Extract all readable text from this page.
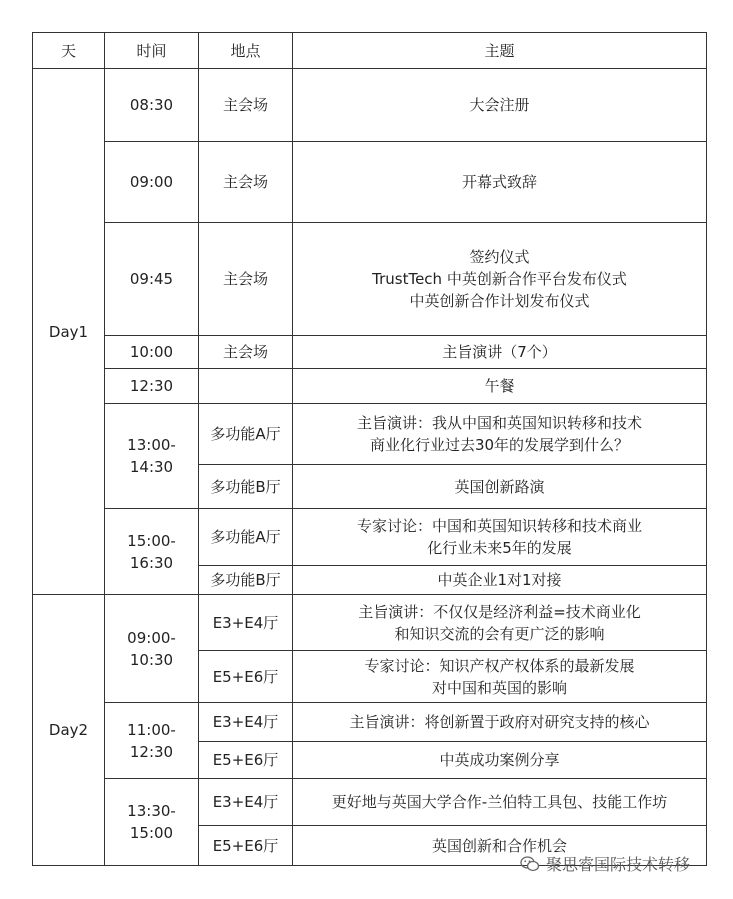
天	时间	地点	主题
Day1	08:30	主会场	大会注册
	09:00	主会场	开幕式致辞
	09:45	主会场	签约仪式
TrustTech 中英创新合作平台发布仪式
中英创新合作计划发布仪式
	10:00	主会场	主旨演讲（7个）
	12:30		午餐
	13:00-14:30	多功能A厅	主旨演讲：我从中国和英国知识转移和技术
商业化行业过去30年的发展学到什么？
		多功能B厅	英国创新路演
	15:00-16:30	多功能A厅	专家讨论：中国和英国知识转移和技术商业
化行业未来5年的发展
		多功能B厅	中英企业1对1对接
Day2	09:00-10:30	E3+E4厅	主旨演讲：不仅仅是经济利益=技术商业化
和知识交流的会有更广泛的影响
		E5+E6厅	专家讨论：知识产权产权体系的最新发展
对中国和英国的影响
	11:00-12:30	E3+E4厅	主旨演讲：将创新置于政府对研究支持的核心
		E5+E6厅	中英成功案例分享
	13:30-15:00	E3+E4厅	更好地与英国大学合作-兰伯特工具包、技能工作坊
		E5+E6厅	英国创新和合作机会
聚思睿国际技术转移
